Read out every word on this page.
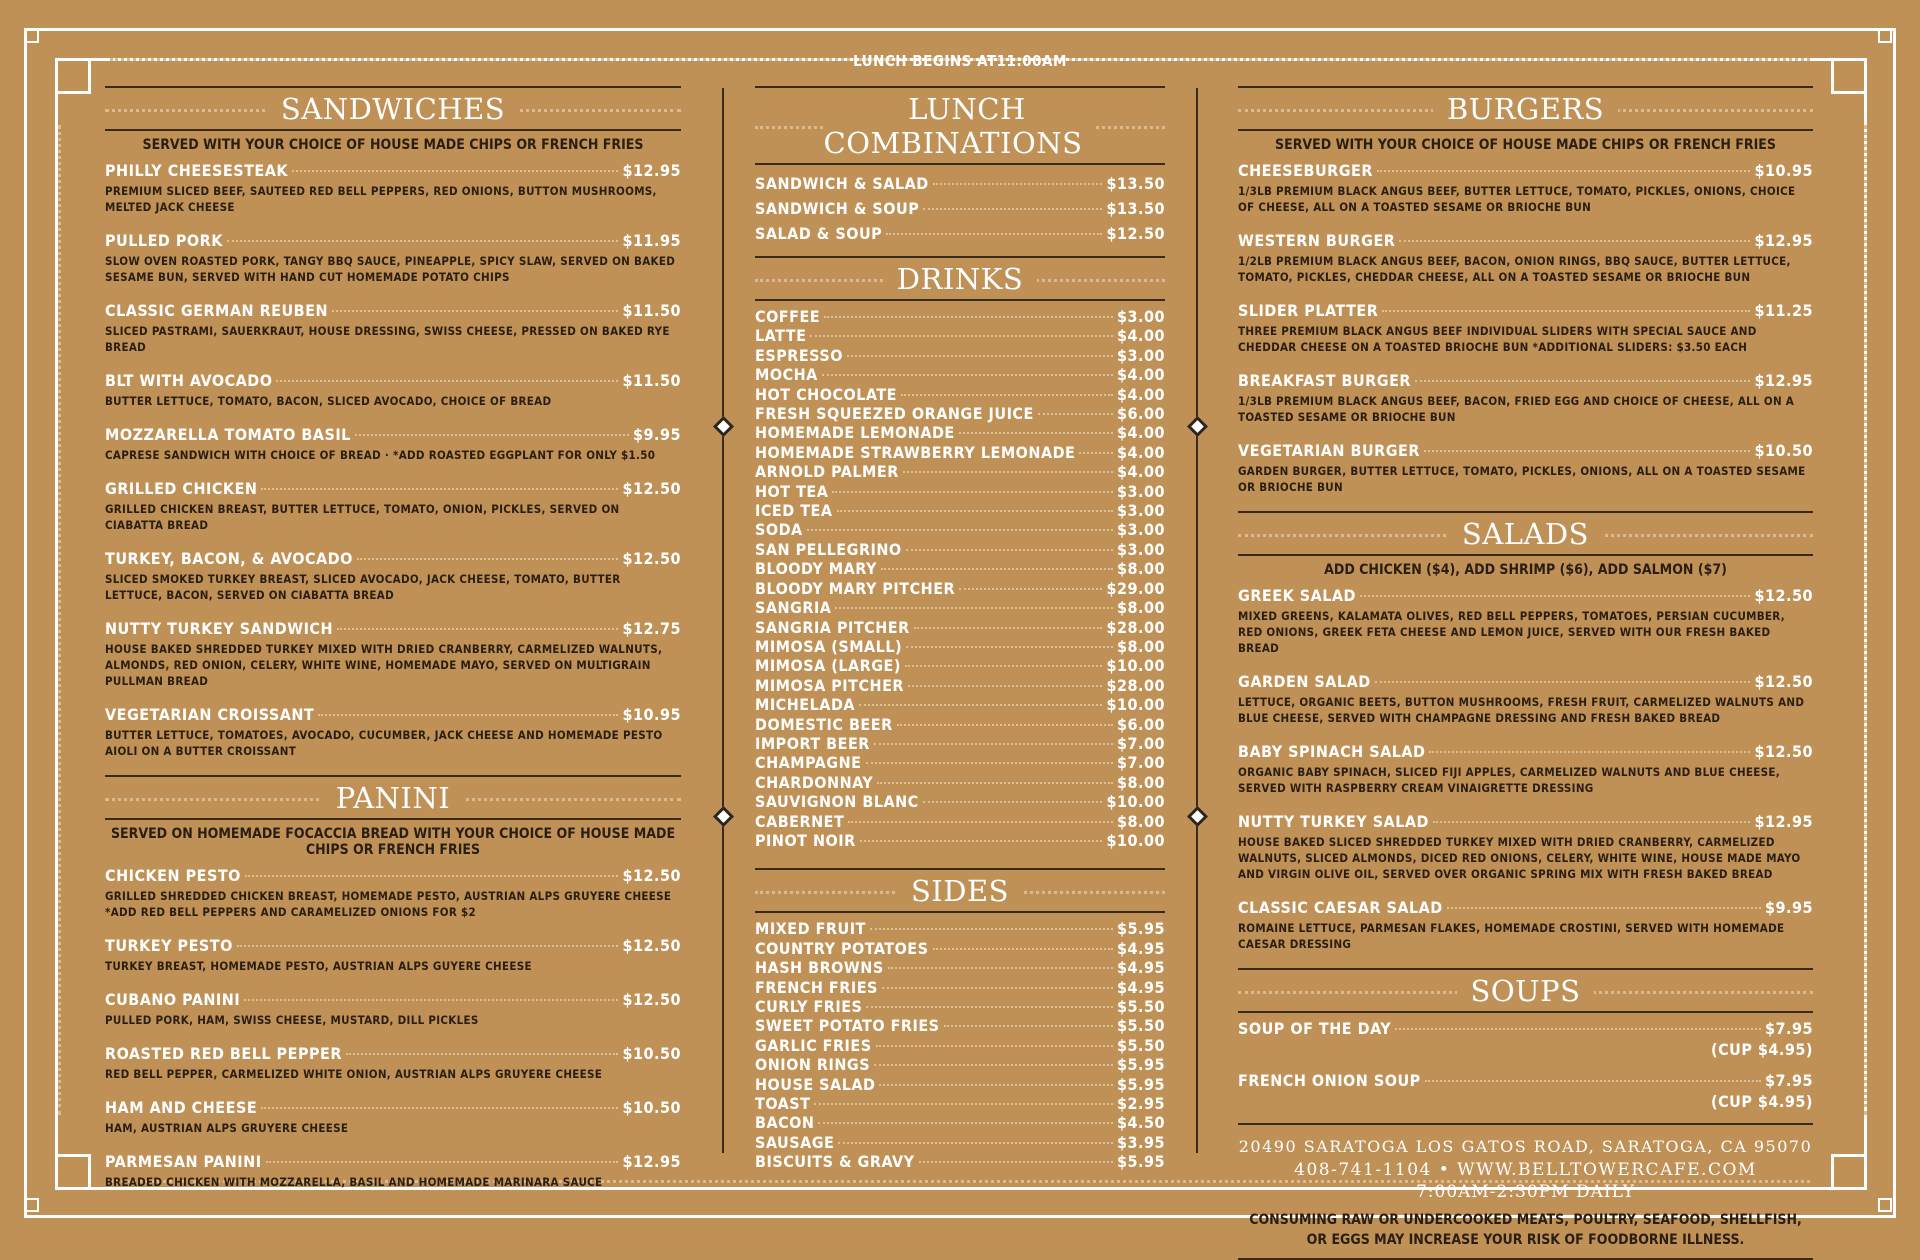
LUNCH BEGINS AT11:00AM
SANDWICHES
SERVED WITH YOUR CHOICE OF HOUSE MADE CHIPS OR FRENCH FRIES
PHILLY CHEESESTEAK	$12.95
PREMIUM SLICED BEEF, SAUTEED RED BELL PEPPERS, RED ONIONS, BUTTON MUSHROOMS, MELTED JACK CHEESE
PULLED PORK	$11.95
SLOW OVEN ROASTED PORK, TANGY BBQ SAUCE, PINEAPPLE, SPICY SLAW, SERVED ON BAKED SESAME BUN, SERVED WITH HAND CUT HOMEMADE POTATO CHIPS
CLASSIC GERMAN REUBEN	$11.50
SLICED PASTRAMI, SAUERKRAUT, HOUSE DRESSING, SWISS CHEESE, PRESSED ON BAKED RYE BREAD
BLT WITH AVOCADO	$11.50
BUTTER LETTUCE, TOMATO, BACON, SLICED AVOCADO, CHOICE OF BREAD
MOZZARELLA TOMATO BASIL	$9.95
CAPRESE SANDWICH WITH CHOICE OF BREAD · *ADD ROASTED EGGPLANT FOR ONLY $1.50
GRILLED CHICKEN	$12.50
GRILLED CHICKEN BREAST, BUTTER LETTUCE, TOMATO, ONION, PICKLES, SERVED ON CIABATTA BREAD
TURKEY, BACON, & AVOCADO	$12.50
SLICED SMOKED TURKEY BREAST, SLICED AVOCADO, JACK CHEESE, TOMATO, BUTTER LETTUCE, BACON, SERVED ON CIABATTA BREAD
NUTTY TURKEY SANDWICH	$12.75
HOUSE BAKED SHREDDED TURKEY MIXED WITH DRIED CRANBERRY, CARMELIZED WALNUTS, ALMONDS, RED ONION, CELERY, WHITE WINE, HOMEMADE MAYO, SERVED ON MULTIGRAIN PULLMAN BREAD
VEGETARIAN CROISSANT	$10.95
BUTTER LETTUCE, TOMATOES, AVOCADO, CUCUMBER, JACK CHEESE AND HOMEMADE PESTO AIOLI ON A BUTTER CROISSANT
PANINI
SERVED ON HOMEMADE FOCACCIA BREAD WITH YOUR CHOICE OF HOUSE MADE CHIPS OR FRENCH FRIES
CHICKEN PESTO	$12.50
GRILLED SHREDDED CHICKEN BREAST, HOMEMADE PESTO, AUSTRIAN ALPS GRUYERE CHEESE *ADD RED BELL PEPPERS AND CARAMELIZED ONIONS FOR $2
TURKEY PESTO	$12.50
TURKEY BREAST, HOMEMADE PESTO, AUSTRIAN ALPS GUYERE CHEESE
CUBANO PANINI	$12.50
PULLED PORK, HAM, SWISS CHEESE, MUSTARD, DILL PICKLES
ROASTED RED BELL PEPPER	$10.50
RED BELL PEPPER, CARMELIZED WHITE ONION, AUSTRIAN ALPS GRUYERE CHEESE
HAM AND CHEESE	$10.50
HAM, AUSTRIAN ALPS GRUYERE CHEESE
PARMESAN PANINI	$12.95
BREADED CHICKEN WITH MOZZARELLA, BASIL AND HOMEMADE MARINARA SAUCE
LUNCH COMBINATIONS
SANDWICH & SALAD	$13.50
SANDWICH & SOUP	$13.50
SALAD & SOUP	$12.50
DRINKS
COFFEE	$3.00
LATTE	$4.00
ESPRESSO	$3.00
MOCHA	$4.00
HOT CHOCOLATE	$4.00
FRESH SQUEEZED ORANGE JUICE	$6.00
HOMEMADE LEMONADE	$4.00
HOMEMADE STRAWBERRY LEMONADE	$4.00
ARNOLD PALMER	$4.00
HOT TEA	$3.00
ICED TEA	$3.00
SODA	$3.00
SAN PELLEGRINO	$3.00
BLOODY MARY	$8.00
BLOODY MARY PITCHER	$29.00
SANGRIA	$8.00
SANGRIA PITCHER	$28.00
MIMOSA (SMALL)	$8.00
MIMOSA (LARGE)	$10.00
MIMOSA PITCHER	$28.00
MICHELADA	$10.00
DOMESTIC BEER	$6.00
IMPORT BEER	$7.00
CHAMPAGNE	$7.00
CHARDONNAY	$8.00
SAUVIGNON BLANC	$10.00
CABERNET	$8.00
PINOT NOIR	$10.00
SIDES
MIXED FRUIT	$5.95
COUNTRY POTATOES	$4.95
HASH BROWNS	$4.95
FRENCH FRIES	$4.95
CURLY FRIES	$5.50
SWEET POTATO FRIES	$5.50
GARLIC FRIES	$5.50
ONION RINGS	$5.95
HOUSE SALAD	$5.95
TOAST	$2.95
BACON	$4.50
SAUSAGE	$3.95
BISCUITS & GRAVY	$5.95
BURGERS
SERVED WITH YOUR CHOICE OF HOUSE MADE CHIPS OR FRENCH FRIES
CHEESEBURGER	$10.95
1/3LB PREMIUM BLACK ANGUS BEEF, BUTTER LETTUCE, TOMATO, PICKLES, ONIONS, CHOICE OF CHEESE, ALL ON A TOASTED SESAME OR BRIOCHE BUN
WESTERN BURGER	$12.95
1/2LB PREMIUM BLACK ANGUS BEEF, BACON, ONION RINGS, BBQ SAUCE, BUTTER LETTUCE, TOMATO, PICKLES, CHEDDAR CHEESE, ALL ON A TOASTED SESAME OR BRIOCHE BUN
SLIDER PLATTER	$11.25
THREE PREMIUM BLACK ANGUS BEEF INDIVIDUAL SLIDERS WITH SPECIAL SAUCE AND CHEDDAR CHEESE ON A TOASTED BRIOCHE BUN *ADDITIONAL SLIDERS: $3.50 EACH
BREAKFAST BURGER	$12.95
1/3LB PREMIUM BLACK ANGUS BEEF, BACON, FRIED EGG AND CHOICE OF CHEESE, ALL ON A TOASTED SESAME OR BRIOCHE BUN
VEGETARIAN BURGER	$10.50
GARDEN BURGER, BUTTER LETTUCE, TOMATO, PICKLES, ONIONS, ALL ON A TOASTED SESAME OR BRIOCHE BUN
SALADS
ADD CHICKEN ($4), ADD SHRIMP ($6), ADD SALMON ($7)
GREEK SALAD	$12.50
MIXED GREENS, KALAMATA OLIVES, RED BELL PEPPERS, TOMATOES, PERSIAN CUCUMBER, RED ONIONS, GREEK FETA CHEESE AND LEMON JUICE, SERVED WITH OUR FRESH BAKED BREAD
GARDEN SALAD	$12.50
LETTUCE, ORGANIC BEETS, BUTTON MUSHROOMS, FRESH FRUIT, CARMELIZED WALNUTS AND BLUE CHEESE, SERVED WITH CHAMPAGNE DRESSING AND FRESH BAKED BREAD
BABY SPINACH SALAD	$12.50
ORGANIC BABY SPINACH, SLICED FIJI APPLES, CARMELIZED WALNUTS AND BLUE CHEESE, SERVED WITH RASPBERRY CREAM VINAIGRETTE DRESSING
NUTTY TURKEY SALAD	$12.95
HOUSE BAKED SLICED SHREDDED TURKEY MIXED WITH DRIED CRANBERRY, CARMELIZED WALNUTS, SLICED ALMONDS, DICED RED ONIONS, CELERY, WHITE WINE, HOUSE MADE MAYO AND VIRGIN OLIVE OIL, SERVED OVER ORGANIC SPRING MIX WITH FRESH BAKED BREAD
CLASSIC CAESAR SALAD	$9.95
ROMAINE LETTUCE, PARMESAN FLAKES, HOMEMADE CROSTINI, SERVED WITH HOMEMADE CAESAR DRESSING
SOUPS
SOUP OF THE DAY	$7.95
(CUP $4.95)
FRENCH ONION SOUP	$7.95
(CUP $4.95)
20490 SARATOGA LOS GATOS ROAD, SARATOGA, CA 95070
408-741-1104 • WWW.BELLTOWERCAFE.COM
7:00AM-2:30PM DAILY
CONSUMING RAW OR UNDERCOOKED MEATS, POULTRY, SEAFOOD, SHELLFISH, OR EGGS MAY INCREASE YOUR RISK OF FOODBORNE ILLNESS.
